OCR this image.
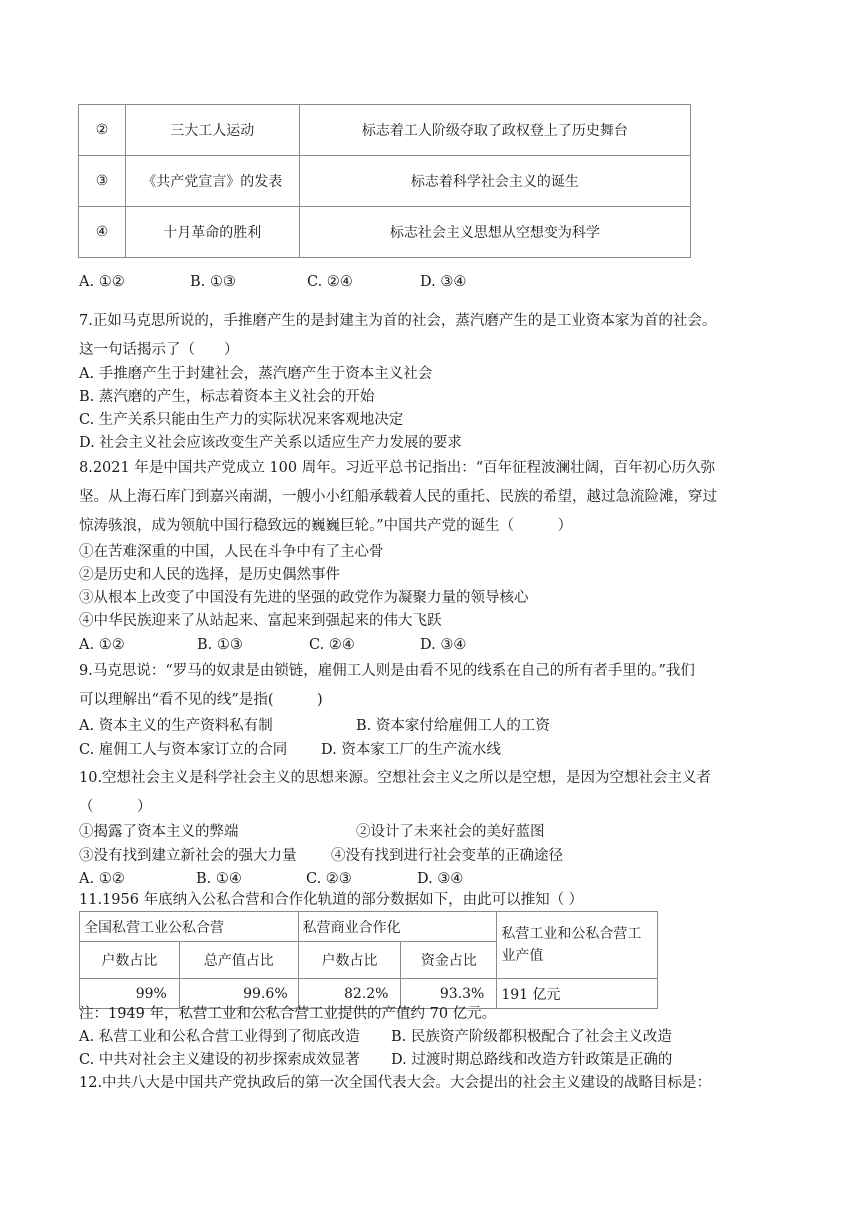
②	三大工人运动	标志着工人阶级夺取了政权登上了历史舞台
③	《共产党宣言》的发表	标志着科学社会主义的诞生
④	十月革命的胜利	标志社会主义思想从空想变为科学
A. ①②	B. ①③	C. ②④	D. ③④
7.正如马克思所说的，手推磨产生的是封建主为首的社会，蒸汽磨产生的是工业资本家为首的社会。
这一句话揭示了（　　）
A. 手推磨产生于封建社会，蒸汽磨产生于资本主义社会
B. 蒸汽磨的产生，标志着资本主义社会的开始
C. 生产关系只能由生产力的实际状况来客观地决定
D. 社会主义社会应该改变生产关系以适应生产力发展的要求
8.2021 年是中国共产党成立 100 周年。习近平总书记指出：“百年征程波澜壮阔，百年初心历久弥
坚。从上海石库门到嘉兴南湖，一艘小小红船承载着人民的重托、民族的希望，越过急流险滩，穿过
惊涛骇浪，成为领航中国行稳致远的巍巍巨轮。”中国共产党的诞生（　　　）
①在苦难深重的中国，人民在斗争中有了主心骨
②是历史和人民的选择，是历史偶然事件
③从根本上改变了中国没有先进的坚强的政党作为凝聚力量的领导核心
④中华民族迎来了从站起来、富起来到强起来的伟大飞跃
A. ①②	B. ①③	C. ②④	D. ③④
9.马克思说：“罗马的奴隶是由锁链，雇佣工人则是由看不见的线系在自己的所有者手里的。”我们
可以理解出“看不见的线”是指(　　　)
A. 资本主义的生产资料私有制	B. 资本家付给雇佣工人的工资
C. 雇佣工人与资本家订立的合同 D. 资本家工厂的生产流水线
10.空想社会主义是科学社会主义的思想来源。空想社会主义之所以是空想，是因为空想社会主义者
（　　　）
①揭露了资本主义的弊端	②设计了未来社会的美好蓝图
③没有找到建立新社会的强大力量 ④没有找到进行社会变革的正确途径
A. ①②	B. ①④	C. ②③	D. ③④
11.1956 年底纳入公私合营和合作化轨道的部分数据如下，由此可以推知（ ）
全国私营工业公私合营		私营商业合作化		私营工业和公私合营工业产值
户数占比	总产值占比	户数占比	资金占比	
99%	99.6%	82.2%	93.3%	191 亿元
注：1949 年，私营工业和公私合营工业提供的产值约 70 亿元。
A. 私营工业和公私合营工业得到了彻底改造 B. 民族资产阶级都积极配合了社会主义改造
C. 中共对社会主义建设的初步探索成效显著 D. 过渡时期总路线和改造方针政策是正确的
12.中共八大是中国共产党执政后的第一次全国代表大会。大会提出的社会主义建设的战略目标是：
